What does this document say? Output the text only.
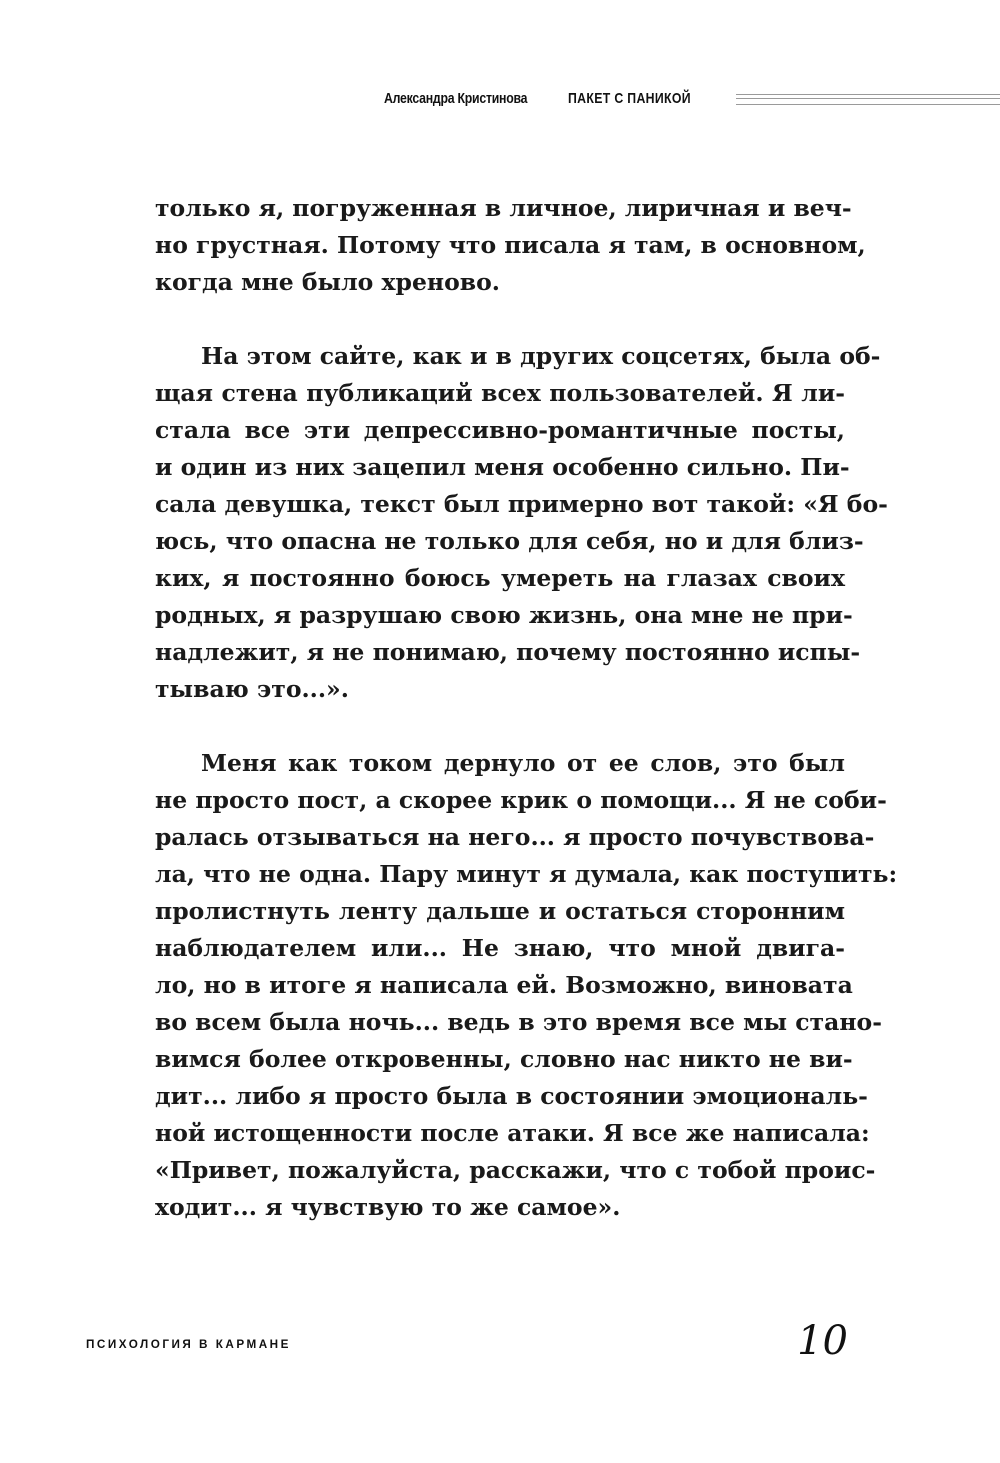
Александра Кристинова	ПАКЕТ С ПАНИКОЙ
только я, погруженная в личное, лиричная и веч-
но грустная. Потому что писала я там, в основном,
когда мне было хреново.
На этом сайте, как и в других соцсетях, была об-
щая стена публикаций всех пользователей. Я ли-
стала все эти депрессивно-романтичные посты,
и один из них зацепил меня особенно сильно. Пи-
сала девушка, текст был примерно вот такой: «Я бо-
юсь, что опасна не только для себя, но и для близ-
ких, я постоянно боюсь умереть на глазах своих
родных, я разрушаю свою жизнь, она мне не при-
надлежит, я не понимаю, почему постоянно испы-
тываю это...».
Меня как током дернуло от ее слов, это был
не просто пост, а скорее крик о помощи... Я не соби-
ралась отзываться на него... я просто почувствова-
ла, что не одна. Пару минут я думала, как поступить:
пролистнуть ленту дальше и остаться сторонним
наблюдателем или... Не знаю, что мной двига-
ло, но в итоге я написала ей. Возможно, виновата
во всем была ночь... ведь в это время все мы стано-
вимся более откровенны, словно нас никто не ви-
дит... либо я просто была в состоянии эмоциональ-
ной истощенности после атаки. Я все же написала:
«Привет, пожалуйста, расскажи, что с тобой проис-
ходит... я чувствую то же самое».
ПСИХОЛОГИЯ В КАРМАНЕ	10
